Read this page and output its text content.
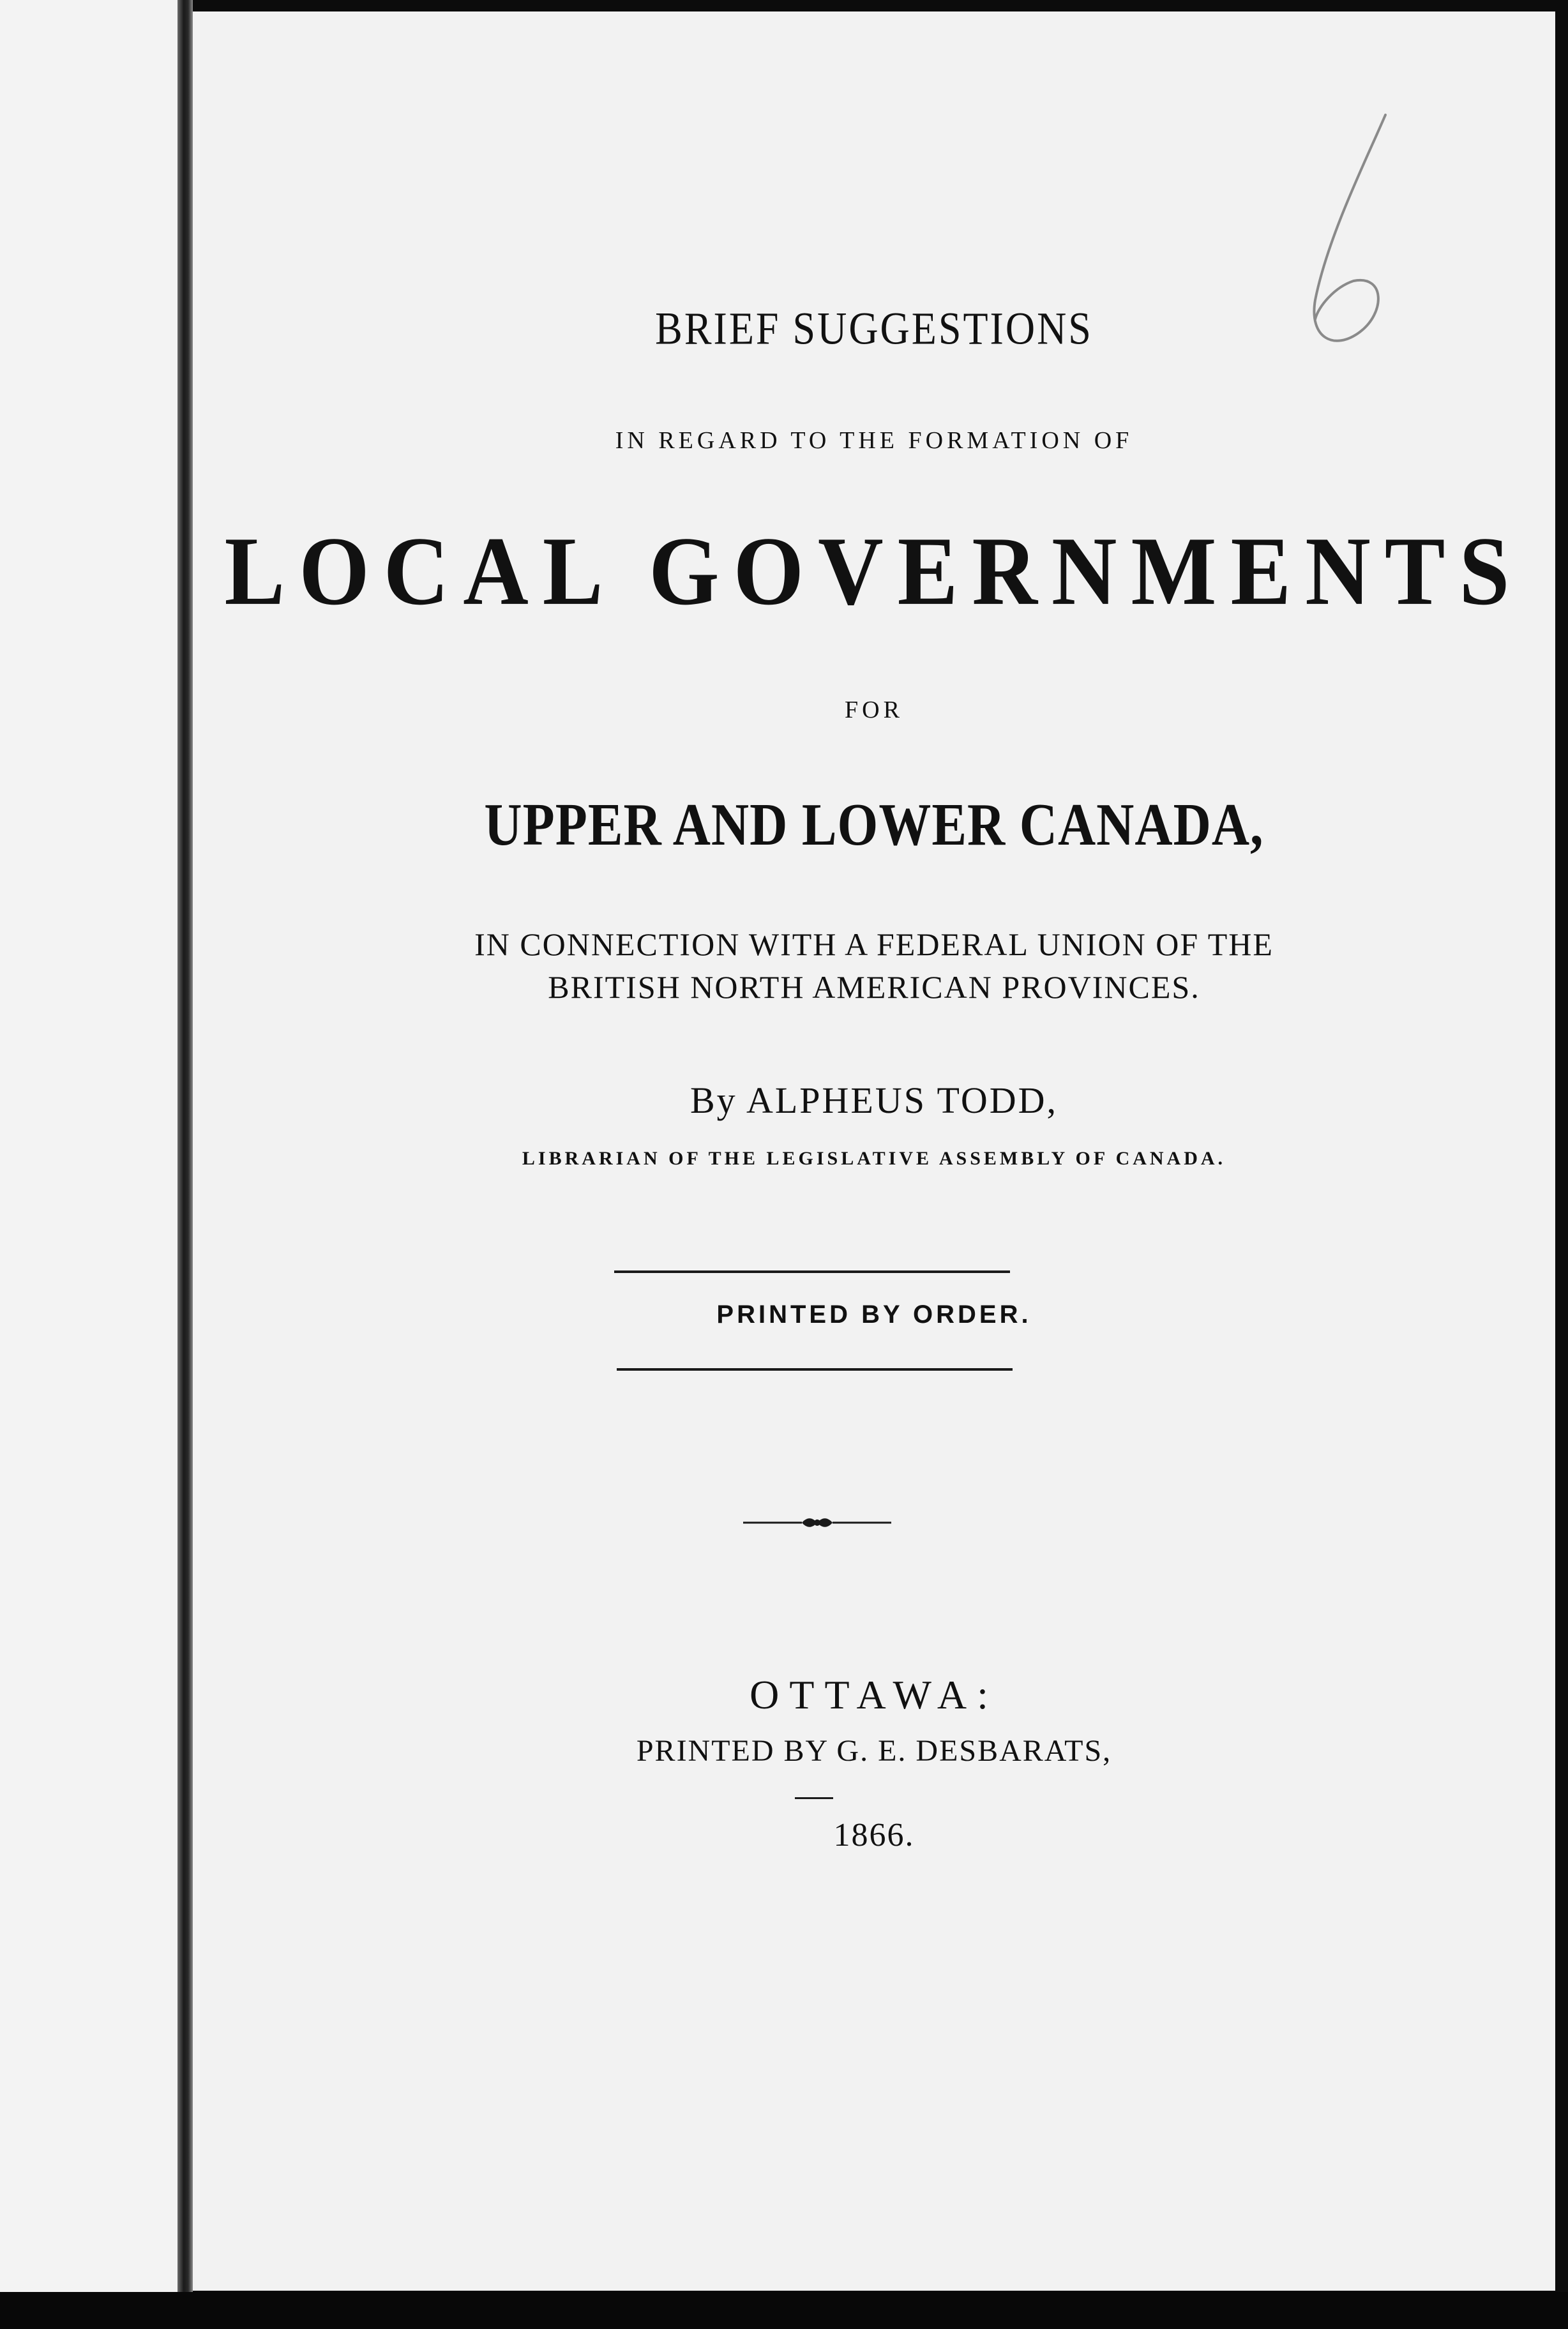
BRIEF SUGGESTIONS
IN REGARD TO THE FORMATION OF
LOCAL GOVERNMENTS
FOR
UPPER AND LOWER CANADA,
IN CONNECTION WITH A FEDERAL UNION OF THE
BRITISH NORTH AMERICAN PROVINCES.
By ALPHEUS TODD,
LIBRARIAN OF THE LEGISLATIVE ASSEMBLY OF CANADA.
PRINTED BY ORDER.
OTTAWA:
PRINTED BY G. E. DESBARATS,
1866.
